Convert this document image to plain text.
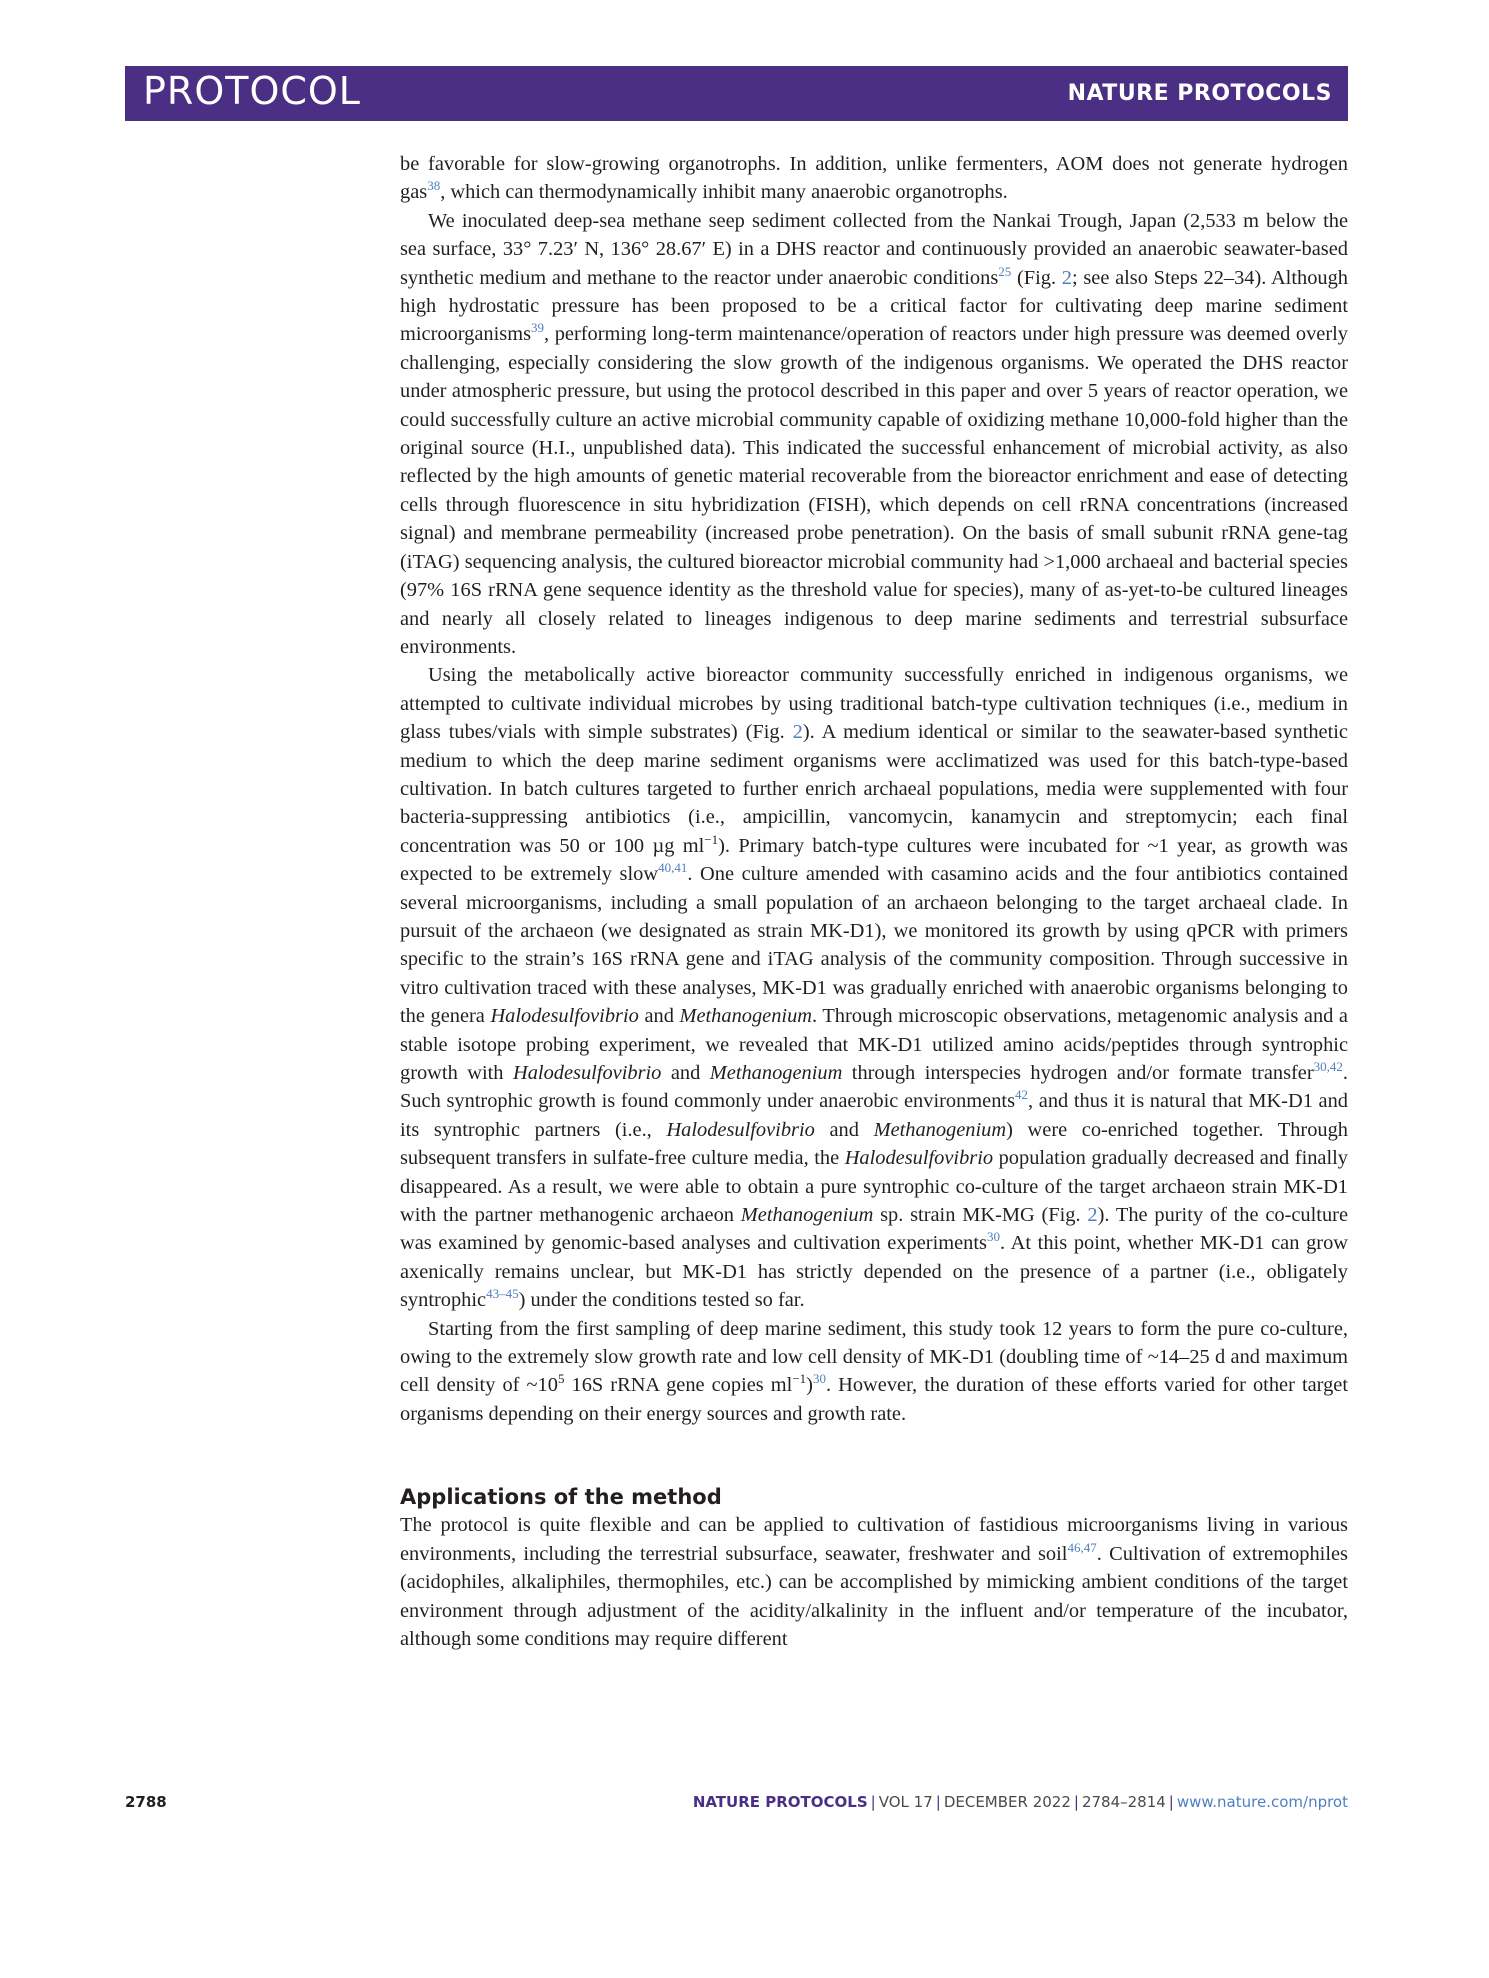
PROTOCOL	NATURE PROTOCOLS

be favorable for slow-growing organotrophs. In addition, unlike fermenters, AOM does not generate hydrogen gas$^{38}$, which can thermodynamically inhibit many anaerobic organotrophs.

We inoculated deep-sea methane seep sediment collected from the Nankai Trough, Japan (2,533 m below the sea surface, 33° 7.23′ N, 136° 28.67′ E) in a DHS reactor and continuously provided an anaerobic seawater-based synthetic medium and methane to the reactor under anaerobic conditions$^{25}$ (Fig. 2; see also Steps 22–34). Although high hydrostatic pressure has been proposed to be a critical factor for cultivating deep marine sediment microorganisms$^{39}$, performing long-term maintenance/operation of reactors under high pressure was deemed overly challenging, especially considering the slow growth of the indigenous organisms. We operated the DHS reactor under atmospheric pressure, but using the protocol described in this paper and over 5 years of reactor operation, we could successfully culture an active microbial community capable of oxidizing methane 10,000-fold higher than the original source (H.I., unpublished data). This indicated the successful enhancement of microbial activity, as also reflected by the high amounts of genetic material recoverable from the bioreactor enrichment and ease of detecting cells through fluorescence in situ hybridization (FISH), which depends on cell rRNA concentrations (increased signal) and membrane permeability (increased probe penetration). On the basis of small subunit rRNA gene-tag (iTAG) sequencing analysis, the cultured bioreactor microbial community had >1,000 archaeal and bacterial species (97% 16S rRNA gene sequence identity as the threshold value for species), many of as-yet-to-be cultured lineages and nearly all closely related to lineages indigenous to deep marine sediments and terrestrial subsurface environments.

Using the metabolically active bioreactor community successfully enriched in indigenous organisms, we attempted to cultivate individual microbes by using traditional batch-type cultivation techniques (i.e., medium in glass tubes/vials with simple substrates) (Fig. 2). A medium identical or similar to the seawater-based synthetic medium to which the deep marine sediment organisms were acclimatized was used for this batch-type-based cultivation. In batch cultures targeted to further enrich archaeal populations, media were supplemented with four bacteria-suppressing antibiotics (i.e., ampicillin, vancomycin, kanamycin and streptomycin; each final concentration was 50 or 100 µg $ml^{-1}$). Primary batch-type cultures were incubated for ~1 year, as growth was expected to be extremely slow$^{40,41}$. One culture amended with casamino acids and the four antibiotics contained several microorganisms, including a small population of an archaeon belonging to the target archaeal clade. In pursuit of the archaeon (we designated as strain MK-D1), we monitored its growth by using qPCR with primers specific to the strain’s 16S rRNA gene and iTAG analysis of the community composition. Through successive in vitro cultivation traced with these analyses, MK-D1 was gradually enriched with anaerobic organisms belonging to the genera Halodesulfovibrio and Methanogenium. Through microscopic observations, metagenomic analysis and a stable isotope probing experiment, we revealed that MK-D1 utilized amino acids/peptides through syntrophic growth with Halodesulfovibrio and Methanogenium through interspecies hydrogen and/or formate transfer$^{30,42}$. Such syntrophic growth is found commonly under anaerobic environments$^{42}$, and thus it is natural that MK-D1 and its syntrophic partners (i.e., Halodesulfovibrio and Methanogenium) were co-enriched together. Through subsequent transfers in sulfate-free culture media, the Halodesulfovibrio population gradually decreased and finally disappeared. As a result, we were able to obtain a pure syntrophic co-culture of the target archaeon strain MK-D1 with the partner methanogenic archaeon Methanogenium sp. strain MK-MG (Fig. 2). The purity of the co-culture was examined by genomic-based analyses and cultivation experiments$^{30}$. At this point, whether MK-D1 can grow axenically remains unclear, but MK-D1 has strictly depended on the presence of a partner (i.e., obligately syntrophic$^{43-45}$) under the conditions tested so far.

Starting from the first sampling of deep marine sediment, this study took 12 years to form the pure co-culture, owing to the extremely slow growth rate and low cell density of MK-D1 (doubling time of ~14–25 d and maximum cell density of $\sim 10^5$ 16S rRNA gene copies $ml^{-1})^{30}$. However, the duration of these efforts varied for other target organisms depending on their energy sources and growth rate.

Applications of the method

The protocol is quite flexible and can be applied to cultivation of fastidious microorganisms living in various environments, including the terrestrial subsurface, seawater, freshwater and soil$^{46,47}$. Cultivation of extremophiles (acidophiles, alkaliphiles, thermophiles, etc.) can be accomplished by mimicking ambient conditions of the target environment through adjustment of the acidity/alkalinity in the influent and/or temperature of the incubator, although some conditions may require different

2788	NATURE PROTOCOLS | VOL 17 | DECEMBER 2022 | 2784–2814 | www.nature.com/nprot
